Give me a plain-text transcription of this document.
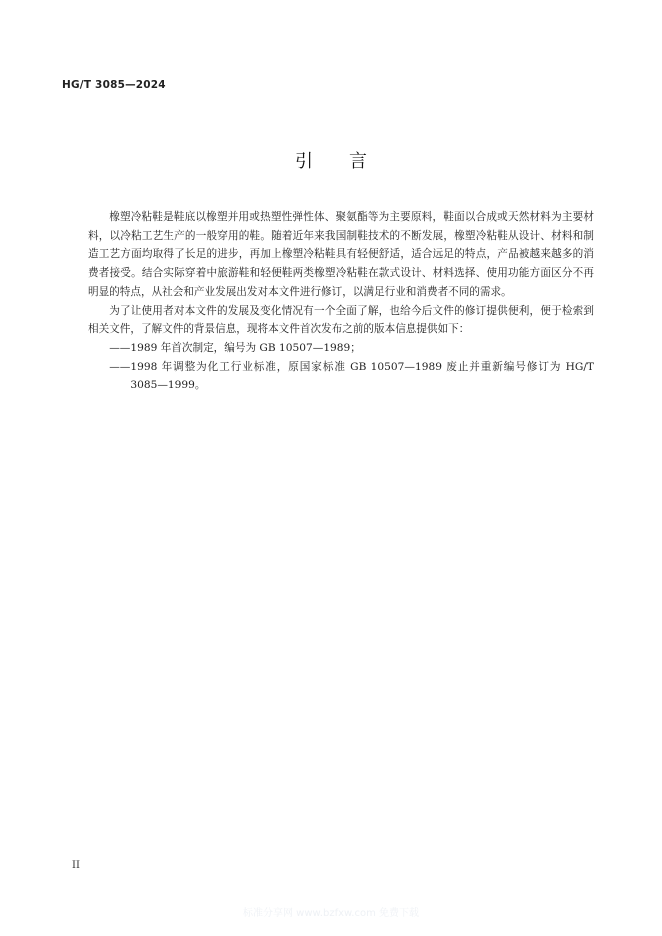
HG/T 3085—2024
引 言

橡塑冷粘鞋是鞋底以橡塑并用或热塑性弹性体、聚氨酯等为主要原料，鞋面以合成或天然材料为主要材料，以冷粘工艺生产的一般穿用的鞋。随着近年来我国制鞋技术的不断发展，橡塑冷粘鞋从设计、材料和制造工艺方面均取得了长足的进步，再加上橡塑冷粘鞋具有轻便舒适，适合远足的特点，产品被越来越多的消费者接受。结合实际穿着中旅游鞋和轻便鞋两类橡塑冷粘鞋在款式设计、材料选择、使用功能方面区分不再明显的特点，从社会和产业发展出发对本文件进行修订，以满足行业和消费者不同的需求。

为了让使用者对本文件的发展及变化情况有一个全面了解，也给今后文件的修订提供便利，便于检索到相关文件，了解文件的背景信息，现将本文件首次发布之前的版本信息提供如下：

——1989 年首次制定，编号为 GB 10507—1989；

——1998 年调整为化工行业标准，原国家标准 GB 10507—1989 废止并重新编号修订为 HG/T 3085—1999。

II
标准分享网 www.bzfxw.com 免费下载
